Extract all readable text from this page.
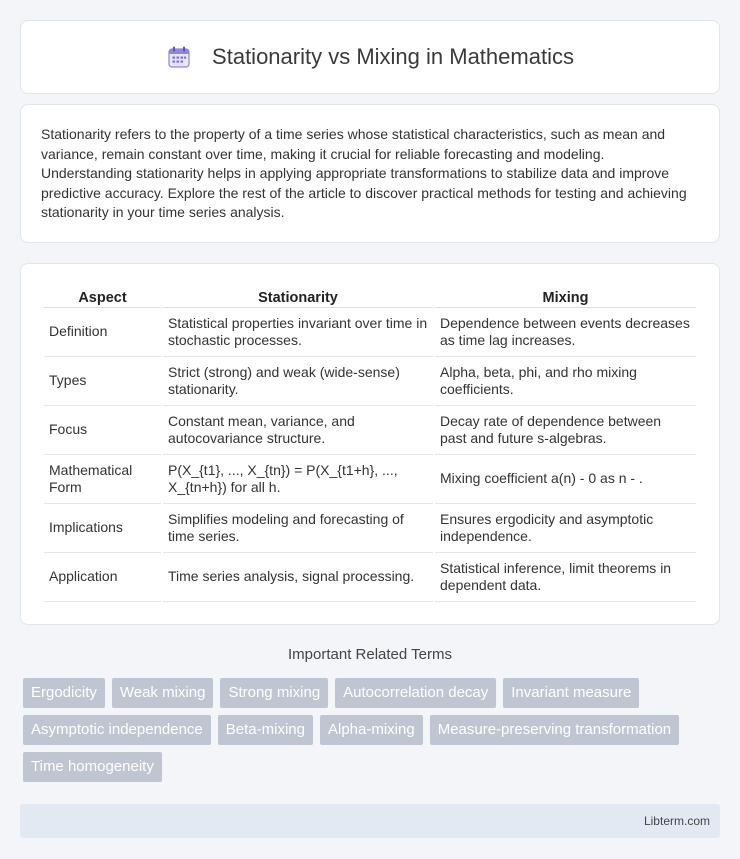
Stationarity vs Mixing in Mathematics

Stationarity refers to the property of a time series whose statistical characteristics, such as mean and variance, remain constant over time, making it crucial for reliable forecasting and modeling. Understanding stationarity helps in applying appropriate transformations to stabilize data and improve predictive accuracy. Explore the rest of the article to discover practical methods for testing and achieving stationarity in your time series analysis.

Aspect	Stationarity	Mixing
Definition	Statistical properties invariant over time in stochastic processes.	Dependence between events decreases as time lag increases.
Types	Strict (strong) and weak (wide-sense) stationarity.	Alpha, beta, phi, and rho mixing coefficients.
Focus	Constant mean, variance, and autocovariance structure.	Decay rate of dependence between past and future s-algebras.
Mathematical Form	P(X_{t1}, ..., X_{tn}) = P(X_{t1+h}, ..., X_{tn+h}) for all h.	Mixing coefficient a(n) - 0 as n - .
Implications	Simplifies modeling and forecasting of time series.	Ensures ergodicity and asymptotic independence.
Application	Time series analysis, signal processing.	Statistical inference, limit theorems in dependent data.
Important Related Terms
Ergodicity	Weak mixing	Strong mixing	Autocorrelation decay	Invariant measure
Asymptotic independence	Beta-mixing	Alpha-mixing	Measure-preserving transformation
Time homogeneity
Libterm.com
